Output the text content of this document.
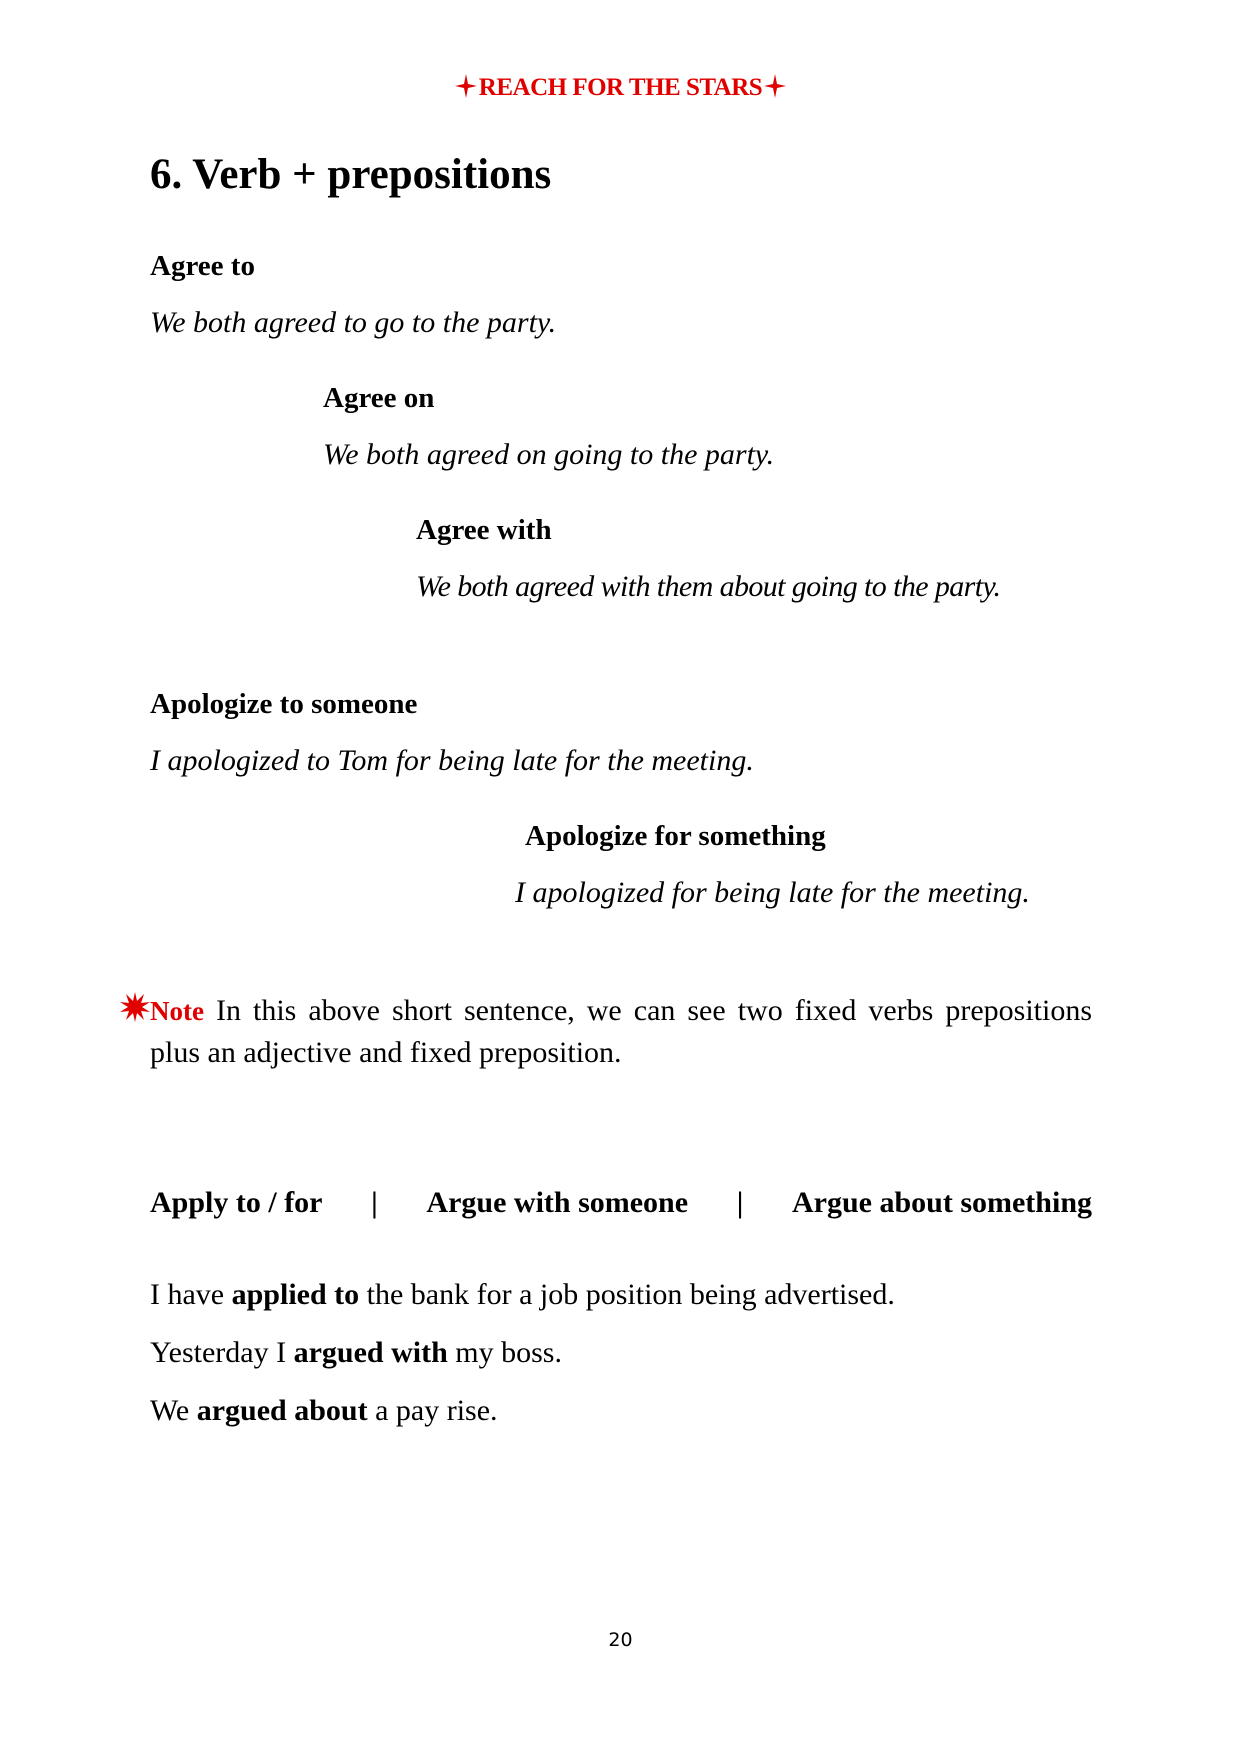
REACH FOR THE STARS
6. Verb + prepositions
Agree to
We both agreed to go to the party.
Agree on
We both agreed on going to the party.
Agree with
We both agreed with them about going to the party.
Apologize to someone
I apologized to Tom for being late for the meeting.
Apologize for something
I apologized for being late for the meeting.
Note In this above short sentence, we can see two fixed verbs prepositions plus an adjective and fixed preposition.
Apply to / for | Argue with someone | Argue about something
I have applied to the bank for a job position being advertised.
Yesterday I argued with my boss.
We argued about a pay rise.
20
